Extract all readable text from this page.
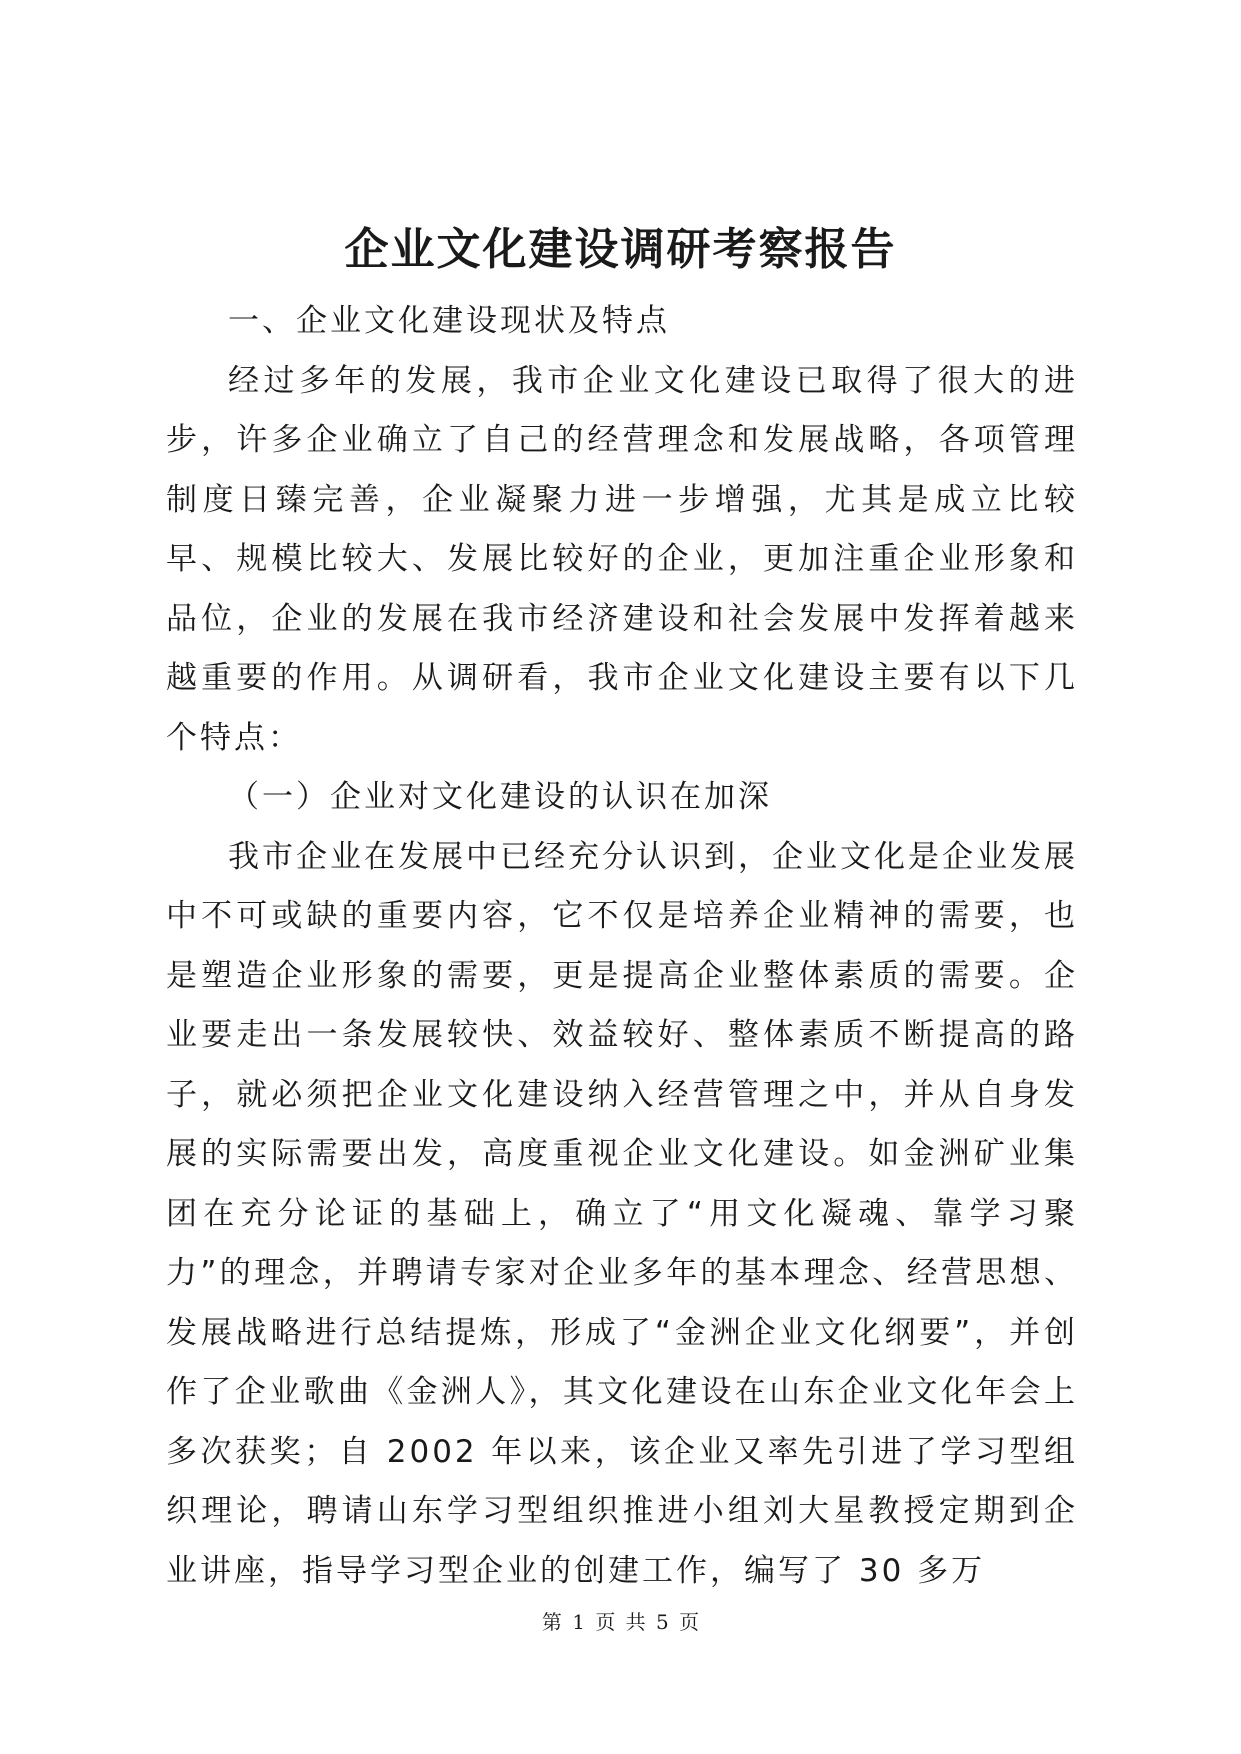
企业文化建设调研考察报告

一、企业文化建设现状及特点

经过多年的发展，我市企业文化建设已取得了很大的进步，许多企业确立了自己的经营理念和发展战略，各项管理制度日臻完善，企业凝聚力进一步增强，尤其是成立比较早、规模比较大、发展比较好的企业，更加注重企业形象和品位，企业的发展在我市经济建设和社会发展中发挥着越来越重要的作用。从调研看，我市企业文化建设主要有以下几个特点：

（一）企业对文化建设的认识在加深

我市企业在发展中已经充分认识到，企业文化是企业发展中不可或缺的重要内容，它不仅是培养企业精神的需要，也是塑造企业形象的需要，更是提高企业整体素质的需要。企业要走出一条发展较快、效益较好、整体素质不断提高的路子，就必须把企业文化建设纳入经营管理之中，并从自身发展的实际需要出发，高度重视企业文化建设。如金洲矿业集团在充分论证的基础上，确立了“用文化凝魂、靠学习聚力”的理念，并聘请专家对企业多年的基本理念、经营思想、发展战略进行总结提炼，形成了“金洲企业文化纲要”，并创作了企业歌曲《金洲人》，其文化建设在山东企业文化年会上多次获奖；自 2002 年以来，该企业又率先引进了学习型组织理论，聘请山东学习型组织推进小组刘大星教授定期到企业讲座，指导学习型企业的创建工作，编写了 30 多万

第 1 页 共 5 页
